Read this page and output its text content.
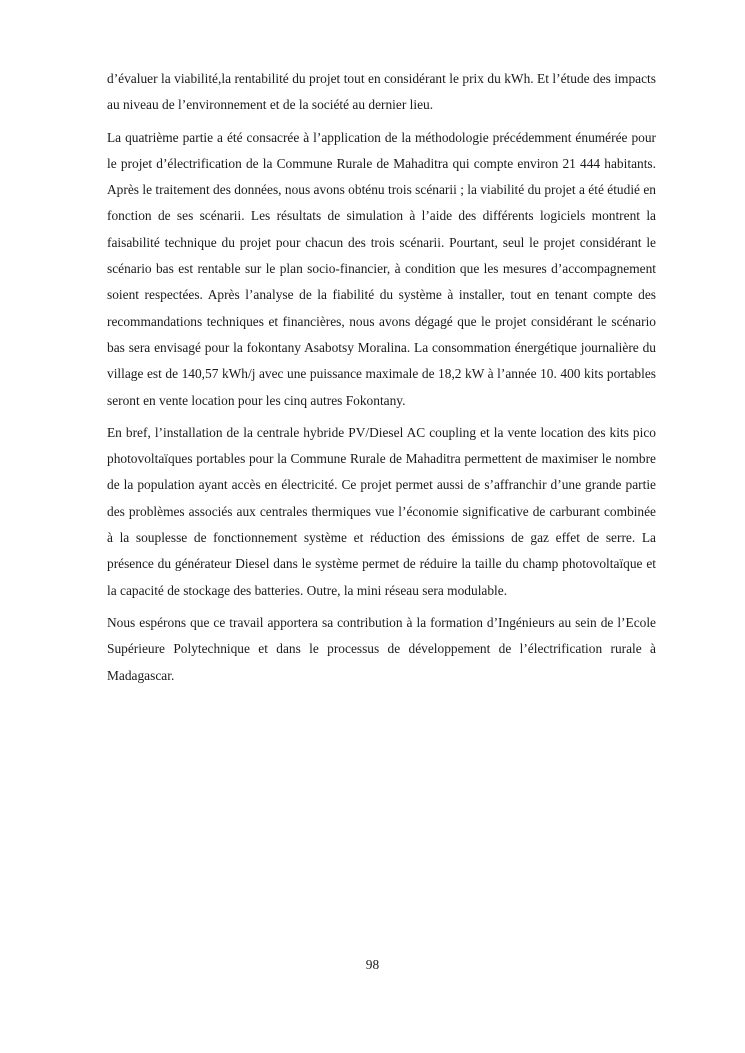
d’évaluer la viabilité,la rentabilité du projet tout en considérant le prix du kWh. Et l’étude des impacts au niveau de l’environnement et de la société au dernier lieu.

La quatrième partie a été consacrée à l’application de la méthodologie précédemment énumérée pour le projet d’électrification de la Commune Rurale de Mahaditra qui compte environ 21 444 habitants. Après le traitement des données, nous avons obténu trois scénarii ; la viabilité du projet a été étudié en fonction de ses scénarii. Les résultats de simulation à l’aide des différents logiciels montrent la faisabilité technique du projet pour chacun des trois scénarii. Pourtant, seul le projet considérant le scénario bas est rentable sur le plan socio-financier, à condition que les mesures d’accompagnement soient respectées. Après l’analyse de la fiabilité du système à installer, tout en tenant compte des recommandations techniques et financières, nous avons dégagé que le projet considérant le scénario bas sera envisagé pour la fokontany Asabotsy Moralina. La consommation énergétique journalière du village est de 140,57 kWh/j avec une puissance maximale de 18,2 kW à l’année 10. 400 kits portables seront en vente location pour les cinq autres Fokontany.

En bref, l’installation de la centrale hybride PV/Diesel AC coupling et la vente location des kits pico photovoltaïques portables pour la Commune Rurale de Mahaditra permettent de maximiser le nombre de la population ayant accès en électricité. Ce projet permet aussi de s’affranchir d’une grande partie des problèmes associés aux centrales thermiques vue l’économie significative de carburant combinée à la souplesse de fonctionnement système et réduction des émissions de gaz effet de serre. La présence du générateur Diesel dans le système permet de réduire la taille du champ photovoltaïque et la capacité de stockage des batteries. Outre, la mini réseau sera modulable.

Nous espérons que ce travail apportera sa contribution à la formation d’Ingénieurs au sein de l’Ecole Supérieure Polytechnique et dans le processus de développement de l’électrification rurale à Madagascar.

98
